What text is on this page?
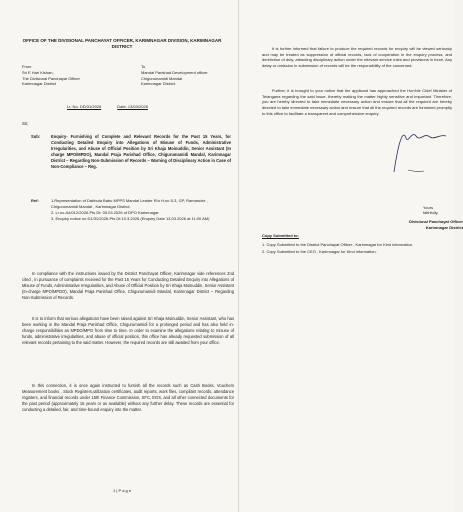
OFFICE OF THE DIVISIONAL PANCHAYAT OFFICER, KARIMNAGAR DIVISION, KARIMNAGAR DISTRICT
From
Sri E Hari Kishan,
The Divisional Panchayat Officer
Karimnagar District
To
Mandal Parishad Development officer
Chigurumamidi Mandal
Karimnagar District.
Lr. No. DD/31/2026	Date: 13/03/2026
Sir,
Sub:	Enquiry- Furnishing of Complete and Relevant Records for the Past 15 Years, for Conducting Detailed Enquiry into Allegations of Misuse of Funds, Administrative Irregularities, and Abuse of Official Position by Sri Khaja Moinuddin, Senior Assistant (In charge MPO/MPDO), Mandal Praja Parishad Office, Chigurumamidi Mandal, Karimnagar District – Regarding Non-Submission of Records – Warning of Disciplinary Action in Case of Non-Compliance – Reg.
Ref:	1.Representation of Dabbula Babu MPPS Mandal Leader R/o H.no 5-3, GP, Ramanche , Chigurumamidi Mandal , Karimnagar District.
2. Lr.no.A4/012/2026-Pts Dt: 05.03.2026 of DPO Karimnagar.
3. Enquiry notice no D1/31/2026-Pts Dt:10.3.2026 (Enquiry Date 13.03.2026 at 11:00 AM)
In compliance with the instructions issued by the District Panchayat Officer, Karimnagar vide references 2nd cited , in pursuance of complaints received for the Past 15 Years for Conducting Detailed Enquiry into Allegations of Misuse of Funds, Administrative Irregularities, and Abuse of Official Position by Sri Khaja Moinuddin, Senior Assistant (In-charge MPO/MPDO), Mandal Praja Parishad Office, Chigurumamidi Mandal, Karimnagar District – Regarding Non-Submission of Records.
It is to inform that serious allegations have been raised against Sri Khaja Moinuddin, Senior Assistant, who has been working in the Mandal Praja Parishad Office, Chigurumamidi for a prolonged period and has also held in-charge responsibilities as MPDO/MPO from time to time. In order to examine the allegations relating to misuse of funds, administrative irregularities, and abuse of official position, this office has already requested submission of all relevant records pertaining to the said matter. However, the required records are still awaited from your office.
In this connection, it is once again instructed to furnish all the records such as Cash Books, Vouchers Measurement books , Stock Registers,utilization certificates, audit reports, work files, compliant records, attendance registers, and financial records under 15th Finance Commission, SFC, EGS, and all other connected documents for the past period (approximately 15 years or as available) without any further delay. These records are essential for conducting a detailed, fair, and time-bound enquiry into the matter.
1 | P a g e
It is further informed that failure to produce the required records for enquiry will be viewed seriously and may be treated as suppression of official records, lack of cooperation in the enquiry process, and dereliction of duty, attracting disciplinary action under the relevant service rules and provisions in force. Any delay or omission in submission of records will be the responsibility of the concerned.
Further, it is brought to your notice that the applicant has approached the Hon'ble Chief Minister of Telangana regarding the said issue, thereby making the matter highly sensitive and important. Therefore, you are hereby directed to take immediate necessary action and ensure that all the required are hereby directed to take immediate necessary action and ensure that all the required records are furnished promptly to this office to facilitate a transparent and comprehensive enquiry.
Yours faithfully,
Divisional Panchayat Officer
Karimnagar District
Copy Submitted to:
1. Copy Submitted to the District Panchayat Officer , Karimnagar for Kind information.
2. Copy Submitted to the CEO , Karimnagar for Kind information.
